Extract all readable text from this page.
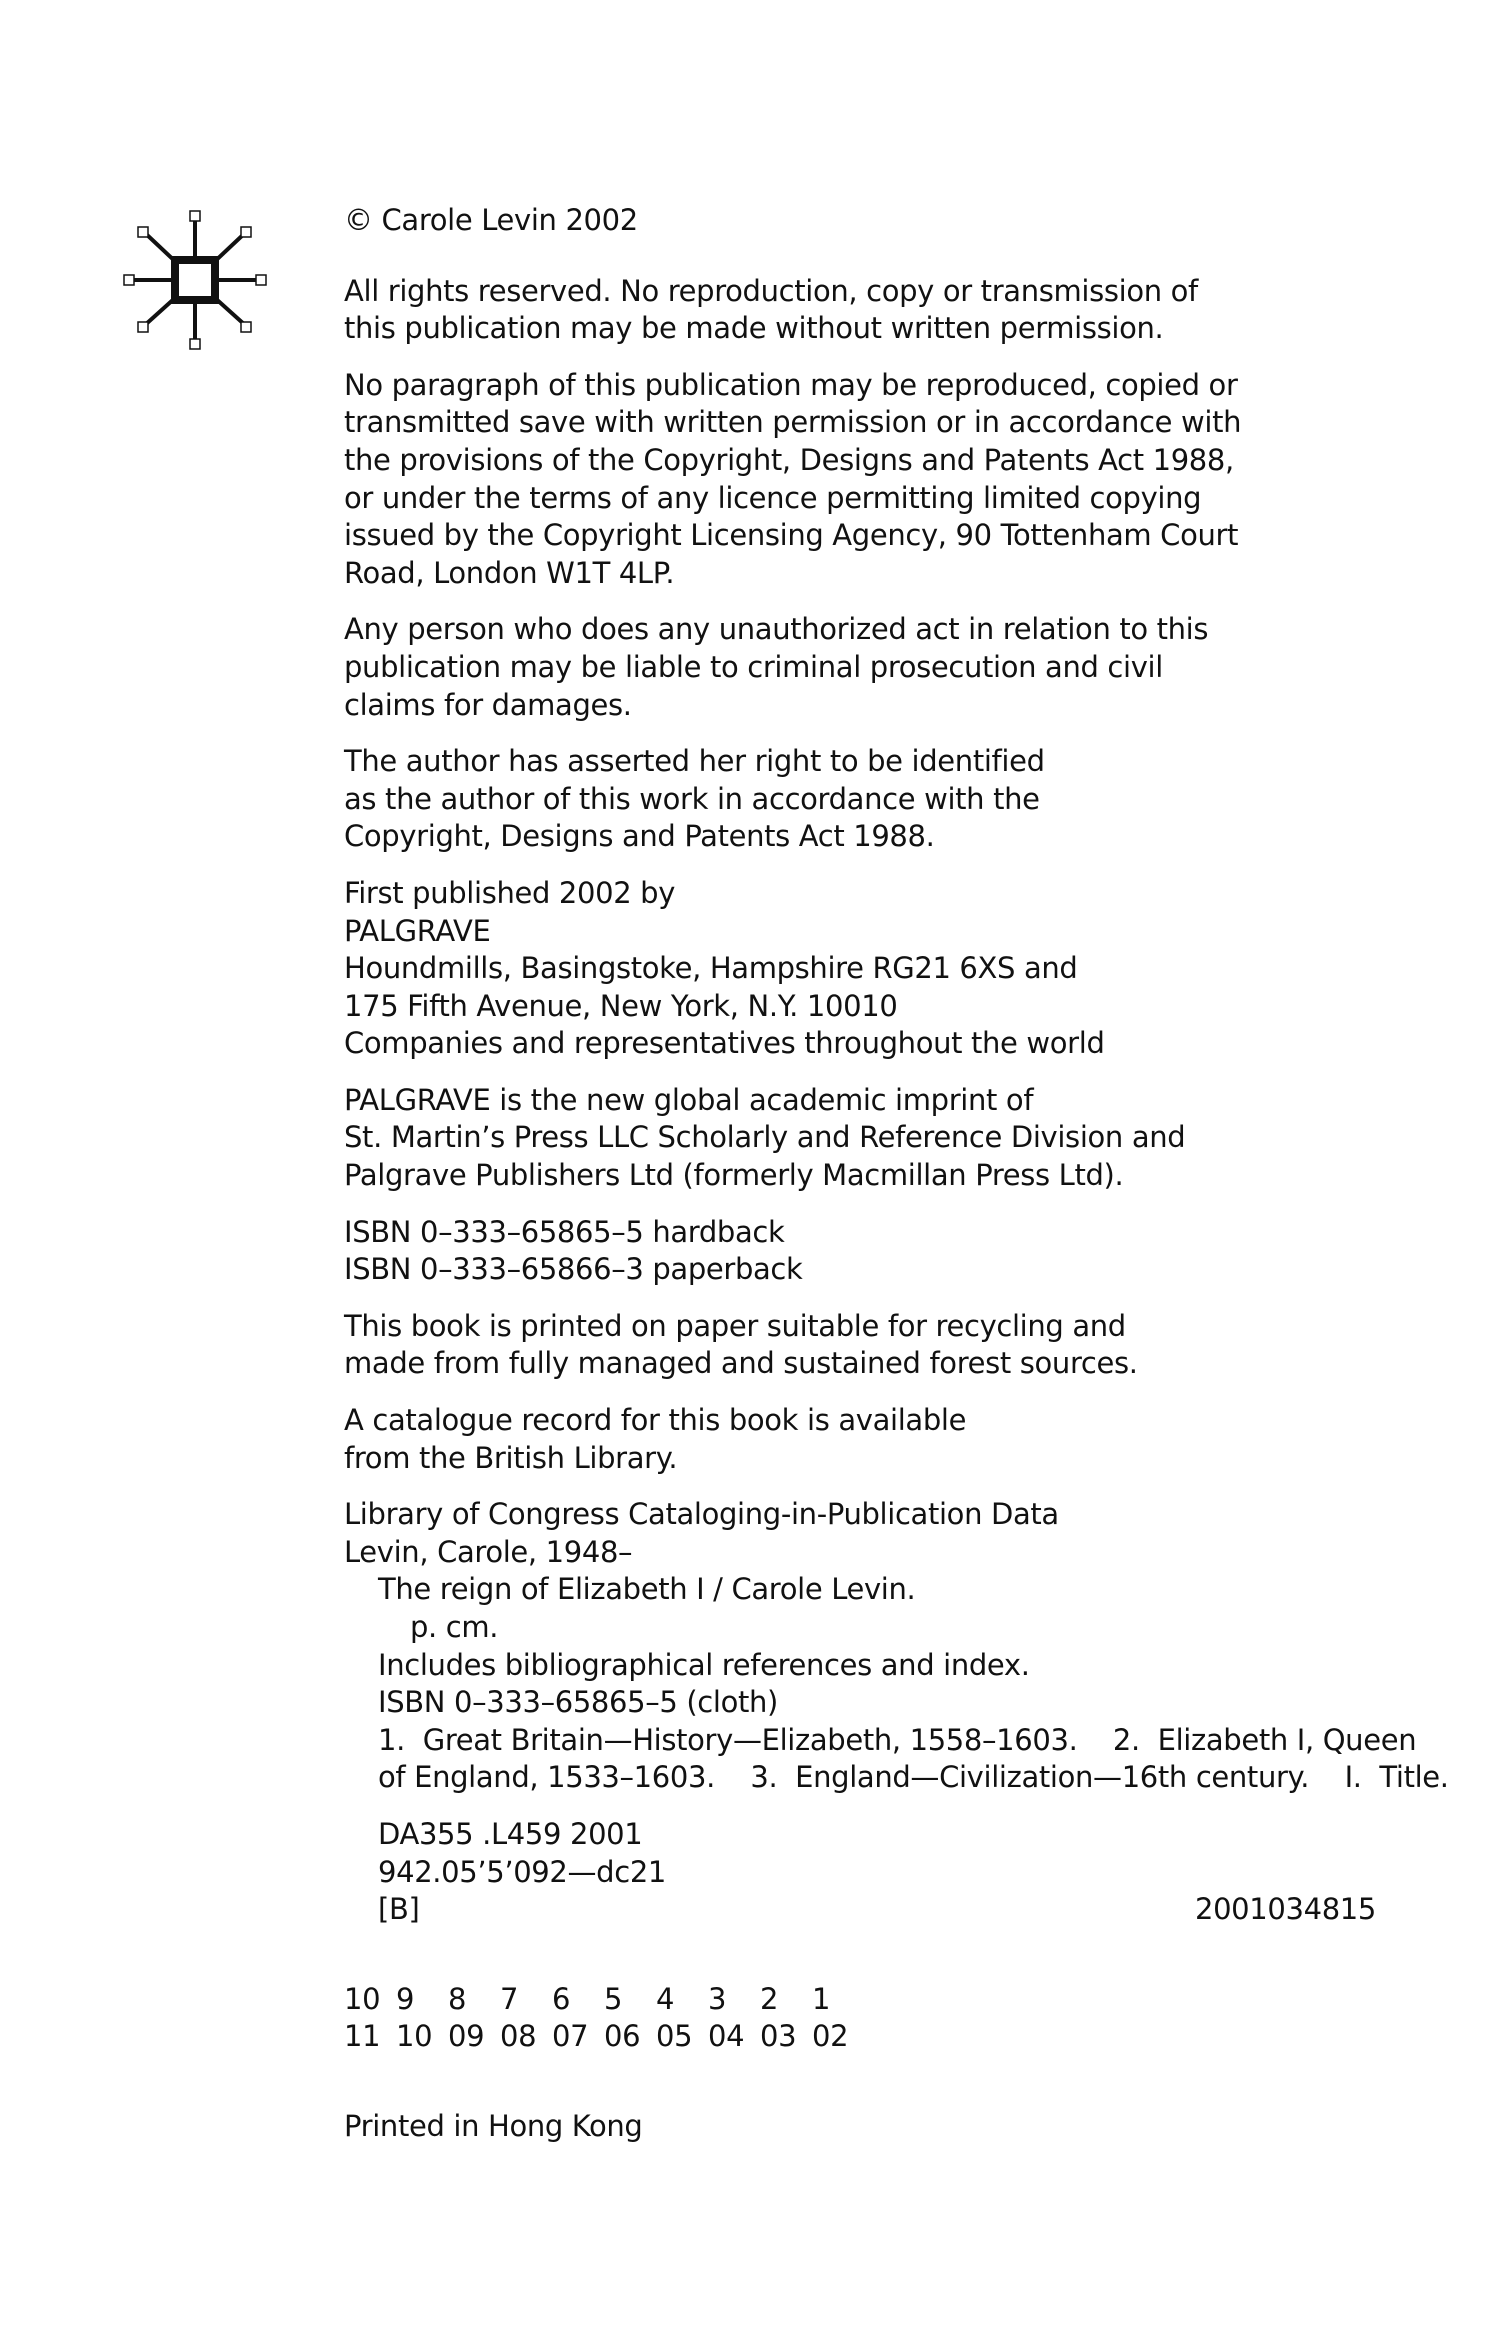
© Carole Levin 2002
All rights reserved. No reproduction, copy or transmission of
this publication may be made without written permission.
No paragraph of this publication may be reproduced, copied or
transmitted save with written permission or in accordance with
the provisions of the Copyright, Designs and Patents Act 1988,
or under the terms of any licence permitting limited copying
issued by the Copyright Licensing Agency, 90 Tottenham Court
Road, London W1T 4LP.
Any person who does any unauthorized act in relation to this
publication may be liable to criminal prosecution and civil
claims for damages.
The author has asserted her right to be identified
as the author of this work in accordance with the
Copyright, Designs and Patents Act 1988.
First published 2002 by
PALGRAVE
Houndmills, Basingstoke, Hampshire RG21 6XS and
175 Fifth Avenue, New York, N.Y. 10010
Companies and representatives throughout the world
PALGRAVE is the new global academic imprint of
St. Martin’s Press LLC Scholarly and Reference Division and
Palgrave Publishers Ltd (formerly Macmillan Press Ltd).
ISBN 0–333–65865–5 hardback
ISBN 0–333–65866–3 paperback
This book is printed on paper suitable for recycling and
made from fully managed and sustained forest sources.
A catalogue record for this book is available
from the British Library.
Library of Congress Cataloging-in-Publication Data
Levin, Carole, 1948–
The reign of Elizabeth I / Carole Levin.
p. cm.
Includes bibliographical references and index.
ISBN 0–333–65865–5 (cloth)
1.  Great Britain—History—Elizabeth, 1558–1603.    2.  Elizabeth I, Queen
of England, 1533–1603.    3.  England—Civilization—16th century.    I.  Title.
DA355 .L459 2001
942.05’5’092—dc21
[B]	2001034815
10 9	8	7	6	5	4	3	2	1
11 10 09 08 07 06 05 04 03 02
Printed in Hong Kong
